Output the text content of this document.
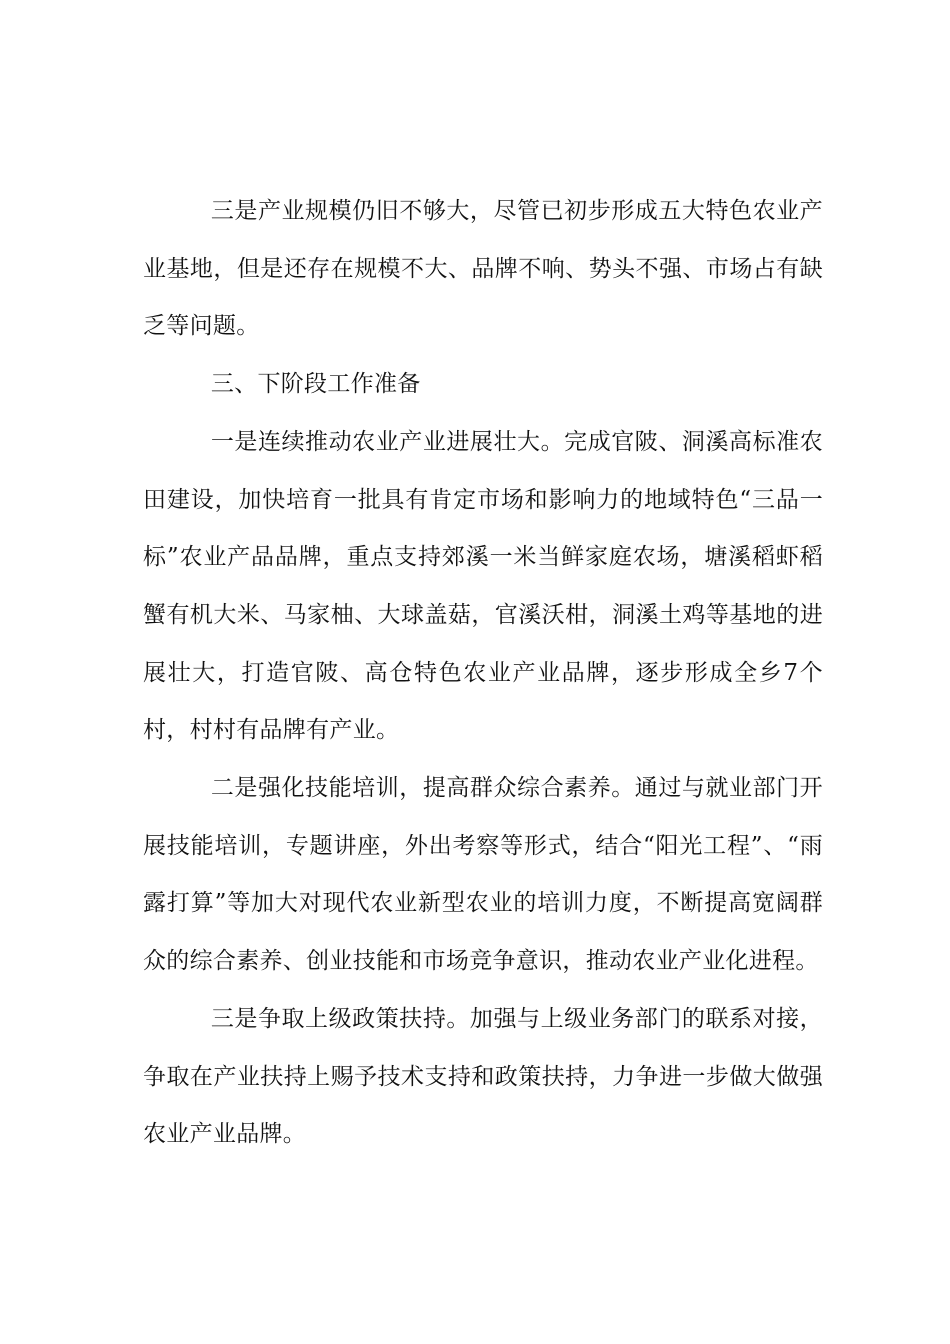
三是产业规模仍旧不够大，尽管已初步形成五大特色农业产业基地，但是还存在规模不大、品牌不响、势头不强、市场占有缺乏等问题。

三、下阶段工作准备

一是连续推动农业产业进展壮大。完成官陂、洞溪高标准农田建设，加快培育一批具有肯定市场和影响力的地域特色“三品一标”农业产品品牌，重点支持郊溪一米当鲜家庭农场，塘溪稻虾稻蟹有机大米、马家柚、大球盖菇，官溪沃柑，洞溪土鸡等基地的进展壮大，打造官陂、高仓特色农业产业品牌，逐步形成全乡7个村，村村有品牌有产业。

二是强化技能培训，提高群众综合素养。通过与就业部门开展技能培训，专题讲座，外出考察等形式，结合“阳光工程”、“雨露打算”等加大对现代农业新型农业的培训力度，不断提高宽阔群众的综合素养、创业技能和市场竞争意识，推动农业产业化进程。

三是争取上级政策扶持。加强与上级业务部门的联系对接，争取在产业扶持上赐予技术支持和政策扶持，力争进一步做大做强农业产业品牌。
